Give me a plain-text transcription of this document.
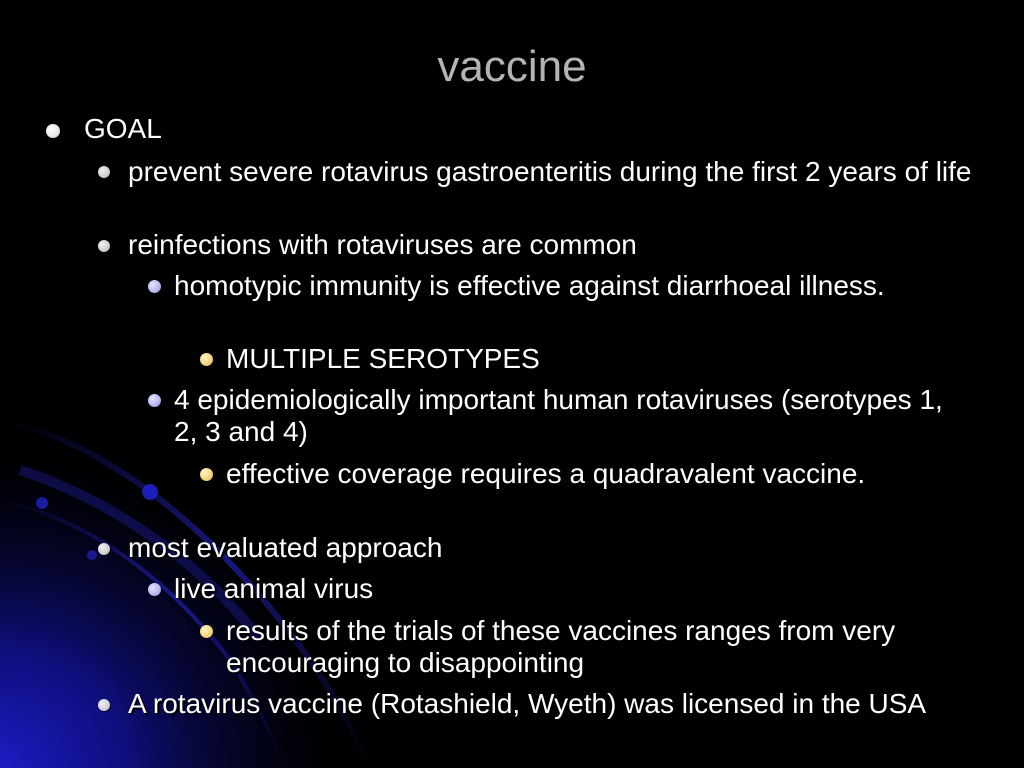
vaccine
GOAL
prevent severe rotavirus gastroenteritis during the first 2 years of life
reinfections with rotaviruses are common
homotypic immunity is effective against diarrhoeal illness.
MULTIPLE SEROTYPES
4 epidemiologically important human rotaviruses (serotypes 1, 2, 3 and 4)
effective coverage requires a quadravalent vaccine.
most evaluated approach
live animal virus
results of the trials of these vaccines ranges from very encouraging to disappointing
A rotavirus vaccine (Rotashield, Wyeth) was licensed in the USA
